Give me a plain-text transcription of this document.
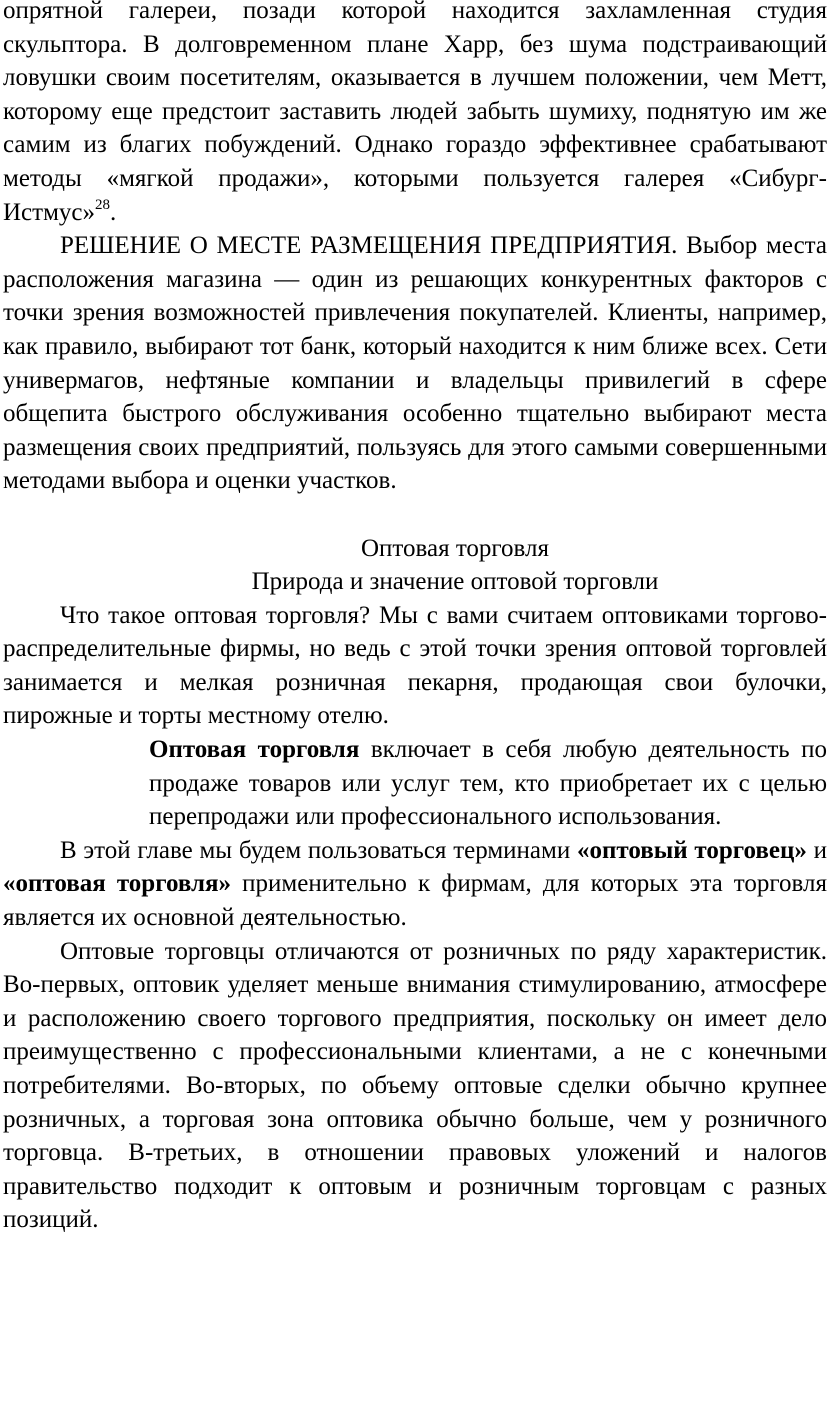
опрятной галереи, позади которой находится захламленная студия скульптора. В долговременном плане Харр, без шума подстраивающий ловушки своим посетителям, оказывается в лучшем положении, чем Метт, которому еще предстоит заставить людей забыть шумиху, поднятую им же самим из благих побуждений. Однако гораздо эффективнее срабатывают методы «мягкой продажи», которыми пользуется галерея «Сибург-Истмус»$^{28}$.

РЕШЕНИЕ О МЕСТЕ РАЗМЕЩЕНИЯ ПРЕДПРИЯТИЯ. Выбор места расположения магазина — один из решающих конкурентных факторов с точки зрения возможностей привлечения покупателей. Клиенты, например, как правило, выбирают тот банк, который находится к ним ближе всех. Сети универмагов, нефтяные компании и владельцы привилегий в сфере общепита быстрого обслуживания особенно тщательно выбирают места размещения своих предприятий, пользуясь для этого самыми совершенными методами выбора и оценки участков.

Оптовая торговля

Природа и значение оптовой торговли

Что такое оптовая торговля? Мы с вами считаем оптовиками торгово-распределительные фирмы, но ведь с этой точки зрения оптовой торговлей занимается и мелкая розничная пекарня, продающая свои булочки, пирожные и торты местному отелю.

Оптовая торговля включает в себя любую деятельность по продаже товаров или услуг тем, кто приобретает их с целью перепродажи или профессионального использования.

В этой главе мы будем пользоваться терминами «оптовый торговец» и «оптовая торговля» применительно к фирмам, для которых эта торговля является их основной деятельностью.

Оптовые торговцы отличаются от розничных по ряду характеристик. Во-первых, оптовик уделяет меньше внимания стимулированию, атмосфере и расположению своего торгового предприятия, поскольку он имеет дело преимущественно с профессиональными клиентами, а не с конечными потребителями. Во-вторых, по объему оптовые сделки обычно крупнее розничных, а торговая зона оптовика обычно больше, чем у розничного торговца. В-третьих, в отношении правовых уложений и налогов правительство подходит к оптовым и розничным торговцам с разных позиций.
